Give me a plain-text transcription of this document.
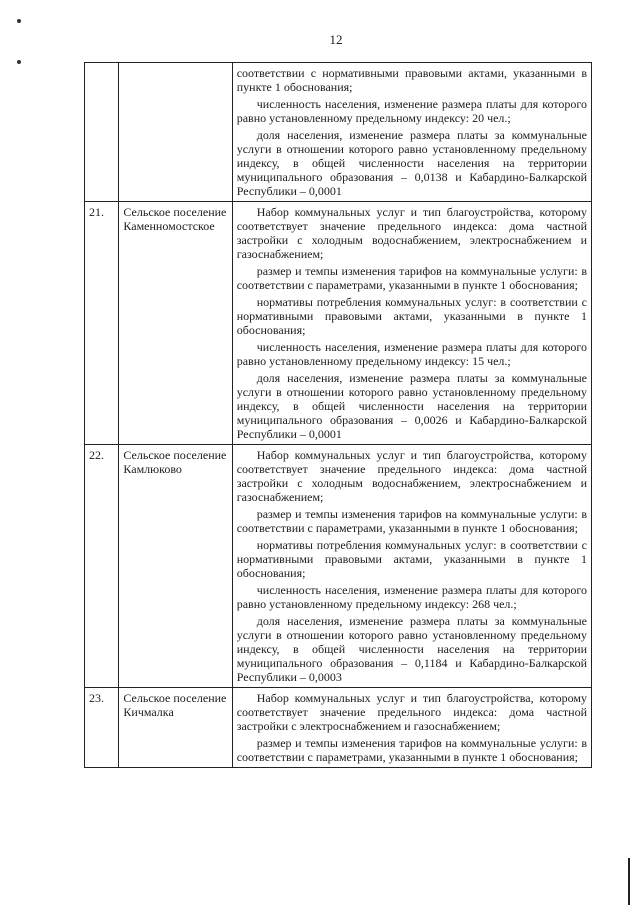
12

		соответствии с нормативными правовыми актами, указанными в пункте 1 обоснования;

численность населения, изменение размера платы для которого равно установленному предельному индексу: 20 чел.;

доля населения, изменение размера платы за коммунальные услуги в отношении которого равно установленному предельному индексу, в общей численности населения на территории муниципального образования – 0,0138 и Кабардино-Балкарской Республики – 0,0001

21.	Сельское поселение Каменномостское	Набор коммунальных услуг и тип благоустройства, которому соответствует значение предельного индекса: дома частной застройки с холодным водоснабжением, электроснабжением и газоснабжением;

размер и темпы изменения тарифов на коммунальные услуги: в соответствии с параметрами, указанными в пункте 1 обоснования;

нормативы потребления коммунальных услуг: в соответствии с нормативными правовыми актами, указанными в пункте 1 обоснования;

численность населения, изменение размера платы для которого равно установленному предельному индексу: 15 чел.;

доля населения, изменение размера платы за коммунальные услуги в отношении которого равно установленному предельному индексу, в общей численности населения на территории муниципального образования – 0,0026 и Кабардино-Балкарской Республики – 0,0001

22.	Сельское поселение Камлюково	Набор коммунальных услуг и тип благоустройства, которому соответствует значение предельного индекса: дома частной застройки с холодным водоснабжением, электроснабжением и газоснабжением;

размер и темпы изменения тарифов на коммунальные услуги: в соответствии с параметрами, указанными в пункте 1 обоснования;

нормативы потребления коммунальных услуг: в соответствии с нормативными правовыми актами, указанными в пункте 1 обоснования;

численность населения, изменение размера платы для которого равно установленному предельному индексу: 268 чел.;

доля населения, изменение размера платы за коммунальные услуги в отношении которого равно установленному предельному индексу, в общей численности населения на территории муниципального образования – 0,1184 и Кабардино-Балкарской Республики – 0,0003

23.	Сельское поселение Кичмалка	Набор коммунальных услуг и тип благоустройства, которому соответствует значение предельного индекса: дома частной застройки с электроснабжением и газоснабжением;

размер и темпы изменения тарифов на коммунальные услуги: в соответствии с параметрами, указанными в пункте 1 обоснования;
